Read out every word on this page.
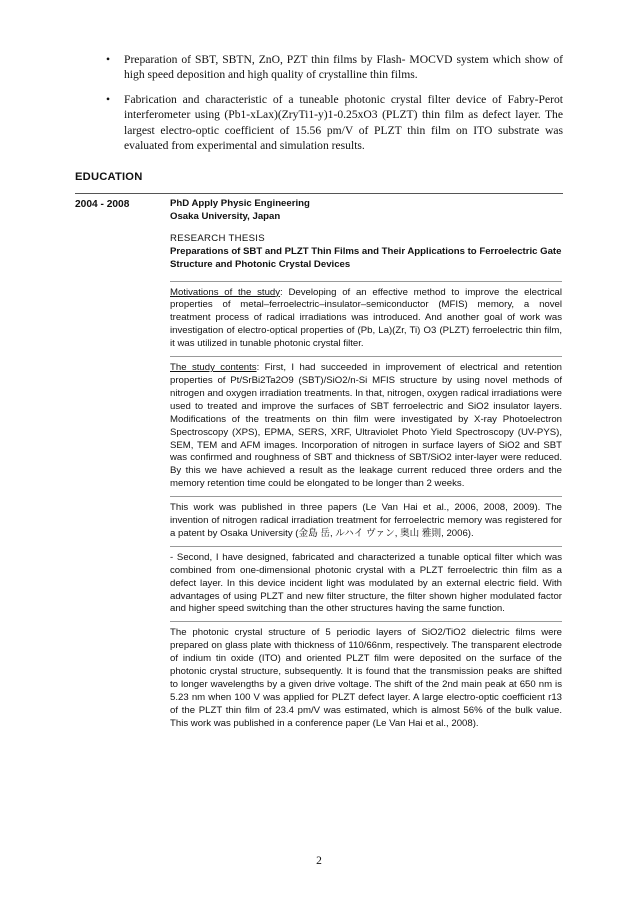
• Preparation of SBT, SBTN, ZnO, PZT thin films by Flash- MOCVD system which show of high speed deposition and high quality of crystalline thin films.
• Fabrication and characteristic of a tuneable photonic crystal filter device of Fabry-Perot interferometer using (Pb1-xLax)(ZryTi1-y)1-0.25xO3 (PLZT) thin film as defect layer. The largest electro-optic coefficient of 15.56 pm/V of PLZT thin film on ITO substrate was evaluated from experimental and simulation results.
EDUCATION
2004 - 2008	PhD Apply Physic Engineering
Osaka University, Japan
RESEARCH THESIS
Preparations of SBT and PLZT Thin Films and Their Applications to Ferroelectric Gate Structure and Photonic Crystal Devices

Motivations of the study: Developing of an effective method to improve the electrical properties of metal–ferroelectric–insulator–semiconductor (MFIS) memory, a novel treatment process of radical irradiations was introduced. And another goal of work was investigation of electro-optical properties of (Pb, La)(Zr, Ti) O3 (PLZT) ferroelectric thin film, it was utilized in tunable photonic crystal filter.

The study contents: First, I had succeeded in improvement of electrical and retention properties of Pt/SrBi2Ta2O9 (SBT)/SiO2/n-Si MFIS structure by using novel methods of nitrogen and oxygen irradiation treatments. In that, nitrogen, oxygen radical irradiations were used to treated and improve the surfaces of SBT ferroelectric and SiO2 insulator layers. Modifications of the treatments on thin film were investigated by X-ray Photoelectron Spectroscopy (XPS), EPMA, SERS, XRF, Ultraviolet Photo Yield Spectroscopy (UV-PYS), SEM, TEM and AFM images. Incorporation of nitrogen in surface layers of SiO2 and SBT was confirmed and roughness of SBT and thickness of SBT/SiO2 inter-layer were reduced. By this we have achieved a result as the leakage current reduced three orders and the memory retention time could be elongated to be longer than 2 weeks.

This work was published in three papers (Le Van Hai et al., 2006, 2008, 2009). The invention of nitrogen radical irradiation treatment for ferroelectric memory was registered for a patent by Osaka University (金島 岳, ルハイ ヴァン, 奥山 雅則, 2006).

- Second, I have designed, fabricated and characterized a tunable optical filter which was combined from one-dimensional photonic crystal with a PLZT ferroelectric thin film as a defect layer. In this device incident light was modulated by an external electric field. With advantages of using PLZT and new filter structure, the filter shown higher modulated factor and higher speed switching than the other structures having the same function.

The photonic crystal structure of 5 periodic layers of SiO2/TiO2 dielectric films were prepared on glass plate with thickness of 110/66nm, respectively. The transparent electrode of indium tin oxide (ITO) and oriented PLZT film were deposited on the surface of the photonic crystal structure, subsequently. It is found that the transmission peaks are shifted to longer wavelengths by a given drive voltage. The shift of the 2nd main peak at 650 nm is 5.23 nm when 100 V was applied for PLZT defect layer. A large electro-optic coefficient r13 of the PLZT thin film of 23.4 pm/V was estimated, which is almost 56% of the bulk value. This work was published in a conference paper (Le Van Hai et al., 2008).

2
